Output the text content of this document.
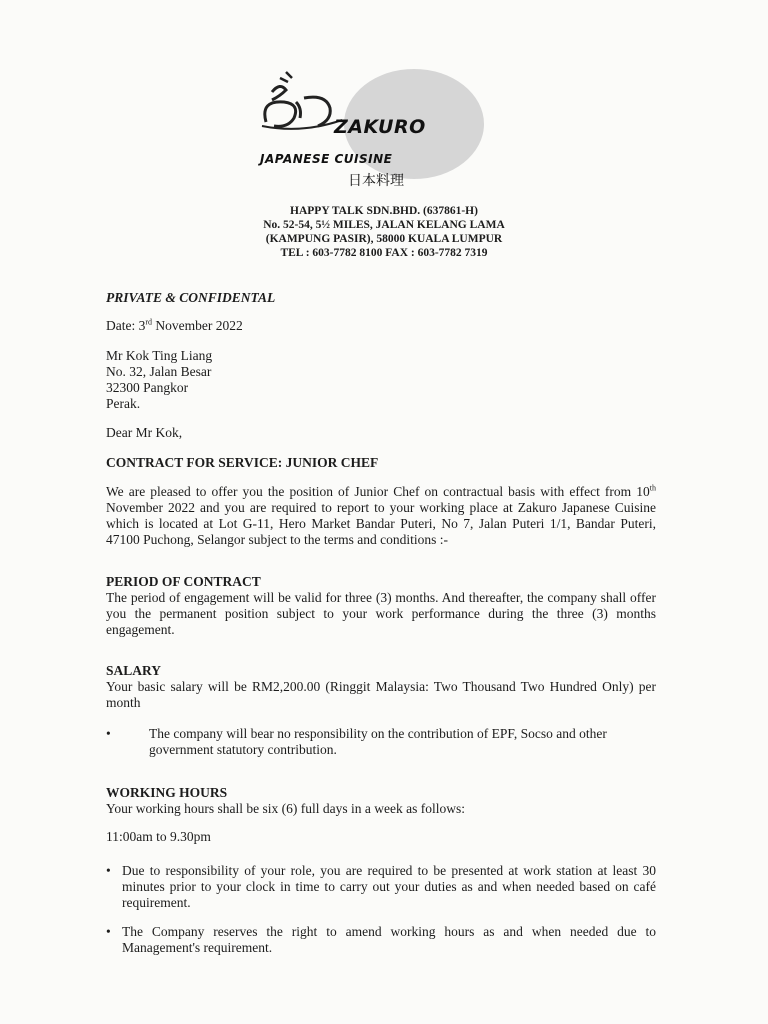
ZAKURO
JAPANESE CUISINE
日本料理
HAPPY TALK SDN.BHD. (637861-H)
No. 52-54, 5½ MILES, JALAN KELANG LAMA
(KAMPUNG PASIR), 58000 KUALA LUMPUR
TEL : 603-7782 8100 FAX : 603-7782 7319
PRIVATE & CONFIDENTAL
Date: 3rd November 2022
Mr Kok Ting Liang
No. 32, Jalan Besar
32300 Pangkor
Perak.
Dear Mr Kok,
CONTRACT FOR SERVICE: JUNIOR CHEF
We are pleased to offer you the position of Junior Chef on contractual basis with effect from 10th November 2022 and you are required to report to your working place at Zakuro Japanese Cuisine which is located at Lot G-11, Hero Market Bandar Puteri, No 7, Jalan Puteri 1/1, Bandar Puteri, 47100 Puchong, Selangor subject to the terms and conditions :-
PERIOD OF CONTRACT
The period of engagement will be valid for three (3) months. And thereafter, the company shall offer you the permanent position subject to your work performance during the three (3) months engagement.
SALARY
Your basic salary will be RM2,200.00 (Ringgit Malaysia: Two Thousand Two Hundred Only) per month
•	The company will bear no responsibility on the contribution of EPF, Socso and other government statutory contribution.
WORKING HOURS
Your working hours shall be six (6) full days in a week as follows:
11:00am to 9.30pm
• Due to responsibility of your role, you are required to be presented at work station at least 30 minutes prior to your clock in time to carry out your duties as and when needed based on café requirement.
• The Company reserves the right to amend working hours as and when needed due to Management's requirement.
